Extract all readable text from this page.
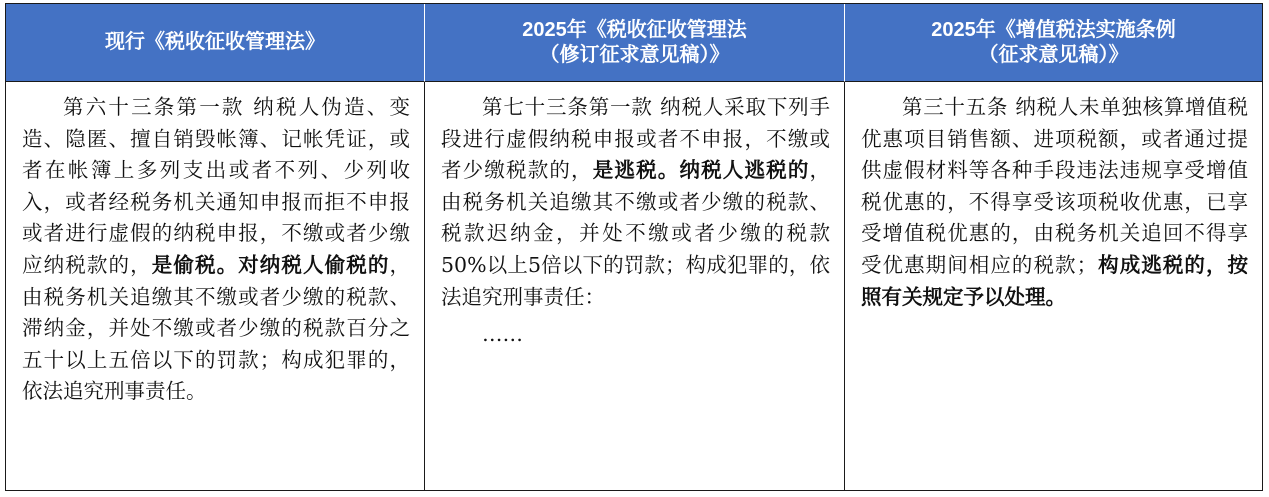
现行《税收征收管理法》
2025年《税收征收管理法
（修订征求意见稿）》
2025年《增值税法实施条例
（征求意见稿）》

第六十三条第一款 纳税人伪造、变造、隐匿、擅自销毁帐簿、记帐凭证，或者在帐簿上多列支出或者不列、少列收入，或者经税务机关通知申报而拒不申报或者进行虚假的纳税申报，不缴或者少缴应纳税款的，是偷税。对纳税人偷税的，由税务机关追缴其不缴或者少缴的税款、滞纳金，并处不缴或者少缴的税款百分之五十以上五倍以下的罚款；构成犯罪的，依法追究刑事责任。

第七十三条第一款 纳税人采取下列手段进行虚假纳税申报或者不申报，不缴或者少缴税款的，是逃税。纳税人逃税的，由税务机关追缴其不缴或者少缴的税款、税款迟纳金，并处不缴或者少缴的税款50%以上5倍以下的罚款；构成犯罪的，依法追究刑事责任：

……

第三十五条 纳税人未单独核算增值税优惠项目销售额、进项税额，或者通过提供虚假材料等各种手段违法违规享受增值税优惠的，不得享受该项税收优惠，已享受增值税优惠的，由税务机关追回不得享受优惠期间相应的税款；构成逃税的，按照有关规定予以处理。
